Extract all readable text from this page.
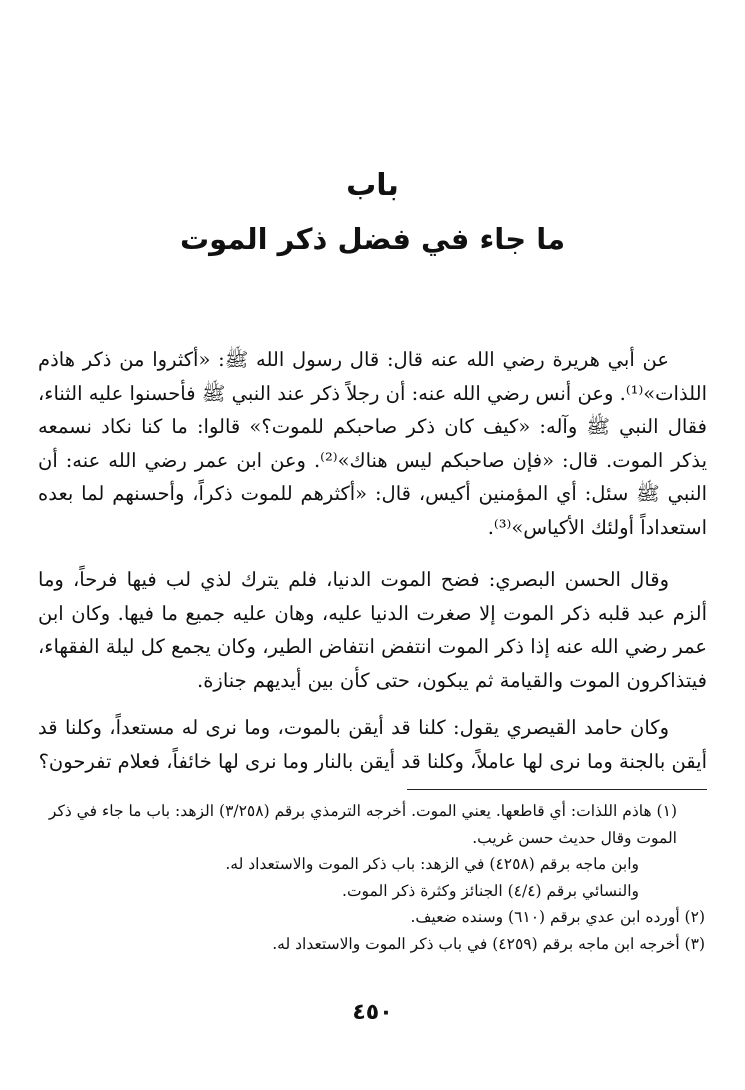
باب
ما جاء في فضل ذكر الموت

عن أبي هريرة رضي الله عنه قال: قال رسول الله ﷺ: «أكثروا من ذكر هاذم اللذات»⁽¹⁾. وعن أنس رضي الله عنه: أن رجلاً ذكر عند النبي ﷺ فأحسنوا عليه الثناء، فقال النبي ﷺ وآله: «كيف كان ذكر صاحبكم للموت؟» قالوا: ما كنا نكاد نسمعه يذكر الموت. قال: «فإن صاحبكم ليس هناك»⁽²⁾. وعن ابن عمر رضي الله عنه: أن النبي ﷺ سئل: أي المؤمنين أكيس، قال: «أكثرهم للموت ذكراً، وأحسنهم لما بعده استعداداً أولئك الأكياس»⁽³⁾.

وقال الحسن البصري: فضح الموت الدنيا، فلم يترك لذي لب فيها فرحاً، وما ألزم عبد قلبه ذكر الموت إلا صغرت الدنيا عليه، وهان عليه جميع ما فيها. وكان ابن عمر رضي الله عنه إذا ذكر الموت انتفض انتفاض الطير، وكان يجمع كل ليلة الفقهاء، فيتذاكرون الموت والقيامة ثم يبكون، حتى كأن بين أيديهم جنازة.

وكان حامد القيصري يقول: كلنا قد أيقن بالموت، وما نرى له مستعداً، وكلنا قد أيقن بالجنة وما نرى لها عاملاً، وكلنا قد أيقن بالنار وما نرى لها خائفاً، فعلام تفرحون؟

(١) هاذم اللذات: أي قاطعها. يعني الموت. أخرجه الترمذي برقم (٣/٢٥٨) الزهد: باب ما جاء في ذكر الموت وقال حديث حسن غريب.

وابن ماجه برقم (٤٢٥٨) في الزهد: باب ذكر الموت والاستعداد له.

والنسائي برقم (٤/٤) الجنائز وكثرة ذكر الموت.

(٢) أورده ابن عدي برقم (٦١٠) وسنده ضعيف.

(٣) أخرجه ابن ماجه برقم (٤٢٥٩) في باب ذكر الموت والاستعداد له.

٤٥٠
